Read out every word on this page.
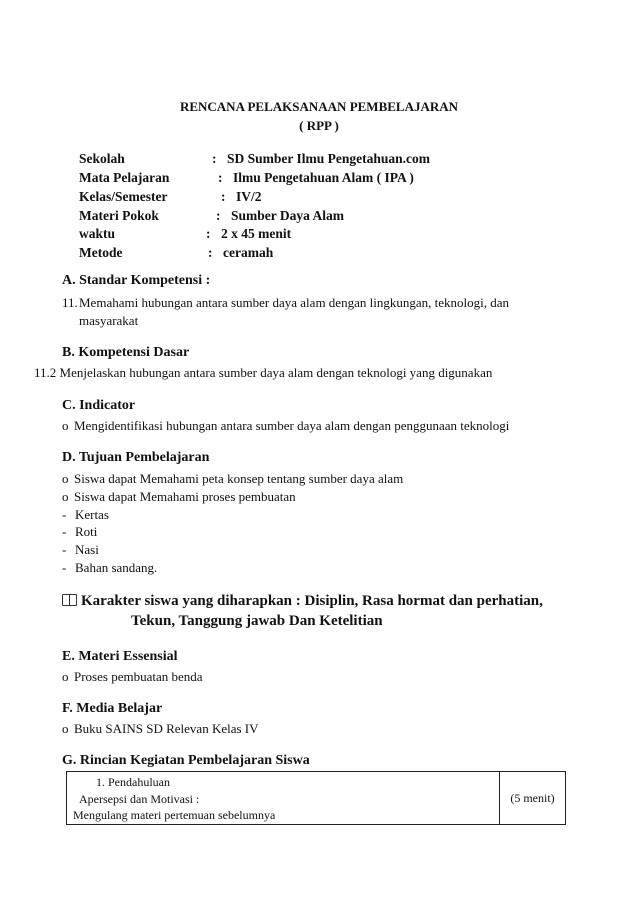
RENCANA PELAKSANAAN PEMBELAJARAN
( RPP )
Sekolah	: SD Sumber Ilmu Pengetahuan.com
Mata Pelajaran	: Ilmu Pengetahuan Alam ( IPA )
Kelas/Semester	: IV/2
Materi Pokok	: Sumber Daya Alam
waktu	: 2 x 45 menit
Metode	: ceramah
A. Standar Kompetensi :
11. Memahami hubungan antara sumber daya alam dengan lingkungan, teknologi, dan
masyarakat
B. Kompetensi Dasar
11.2 Menjelaskan hubungan antara sumber daya alam dengan teknologi yang digunakan
C. Indicator
o Mengidentifikasi hubungan antara sumber daya alam dengan penggunaan teknologi
D. Tujuan Pembelajaran
o Siswa dapat Memahami peta konsep tentang sumber daya alam
o Siswa dapat Memahami proses pembuatan
- Kertas
- Roti
- Nasi
- Bahan sandang.
Karakter siswa yang diharapkan : Disiplin, Rasa hormat dan perhatian,
Tekun, Tanggung jawab Dan Ketelitian
E. Materi Essensial
o Proses pembuatan benda
F. Media Belajar
o Buku SAINS SD Relevan Kelas IV
G. Rincian Kegiatan Pembelajaran Siswa
1. Pendahuluan
Apersepsi dan Motivasi :
Mengulang materi pertemuan sebelumnya
	(5 menit)
